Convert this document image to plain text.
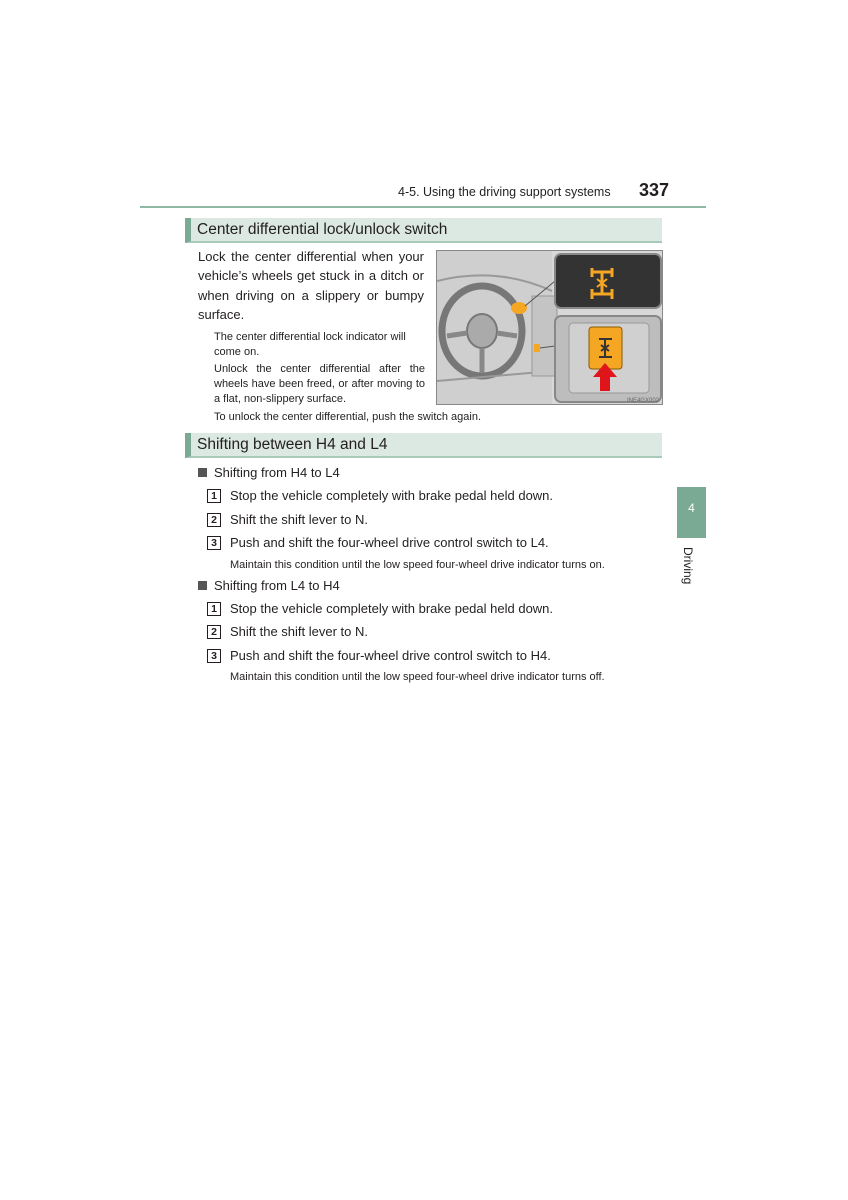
4-5. Using the driving support systems 337
Center differential lock/unlock switch
Lock the center differential when your vehicle’s wheels get stuck in a ditch or when driving on a slippery or bumpy surface.
The center differential lock indicator will come on.
Unlock the center differential after the wheels have been freed, or after moving to a flat, non-slippery surface.
To unlock the center differential, push the switch again.
INE4GX002
Shifting between H4 and L4
Shifting from H4 to L4
1	Stop the vehicle completely with brake pedal held down.
2	Shift the shift lever to N.
3	Push and shift the four-wheel drive control switch to L4.
Maintain this condition until the low speed four-wheel drive indicator turns on.
Shifting from L4 to H4
1	Stop the vehicle completely with brake pedal held down.
2	Shift the shift lever to N.
3	Push and shift the four-wheel drive control switch to H4.
Maintain this condition until the low speed four-wheel drive indicator turns off.
4
Driving
